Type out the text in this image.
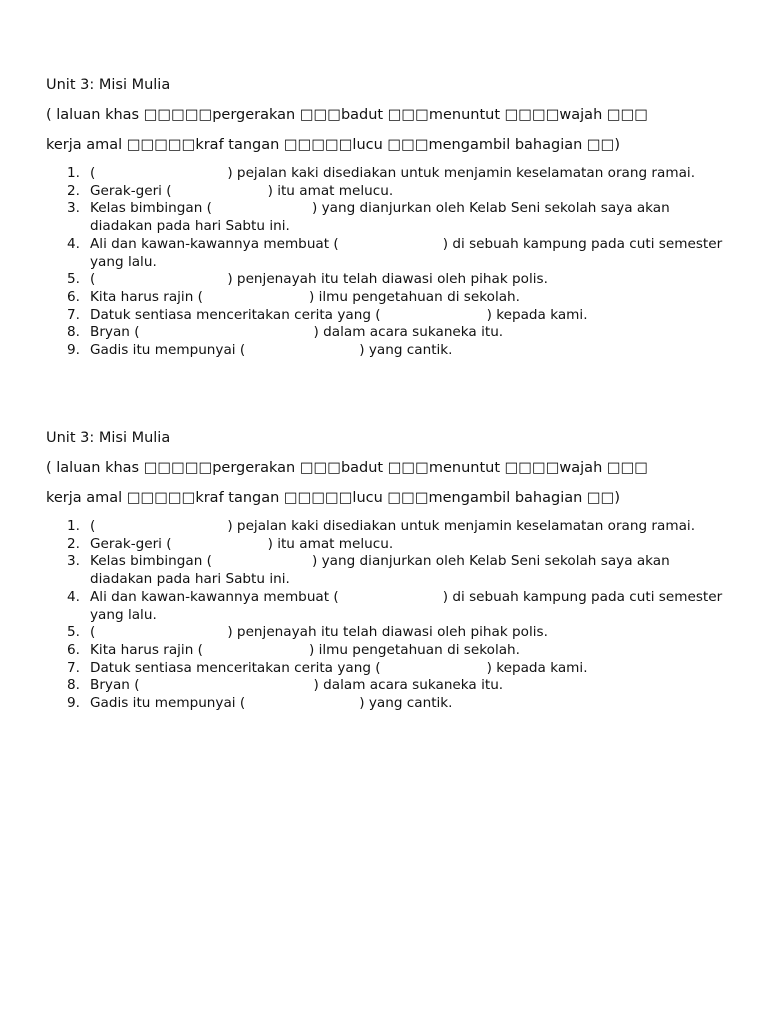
Unit 3: Misi Mulia

( laluan khas □□□□□pergerakan □□□badut □□□menuntut □□□□wajah □□□

kerja amal □□□□□kraf tangan □□□□□lucu □□□mengambil bahagian □□)

1. (	) pejalan kaki disediakan untuk menjamin keselamatan orang ramai.
2. Gerak-geri (	) itu amat melucu.
3. Kelas bimbingan (	) yang dianjurkan oleh Kelab Seni sekolah saya akan diadakan pada hari Sabtu ini.
4. Ali dan kawan-kawannya membuat (	) di sebuah kampung pada cuti semester yang lalu.
5. (	) penjenayah itu telah diawasi oleh pihak polis.
6. Kita harus rajin (	) ilmu pengetahuan di sekolah.
7. Datuk sentiasa menceritakan cerita yang (	) kepada kami.
8. Bryan (	) dalam acara sukaneka itu.
9. Gadis itu mempunyai (	) yang cantik.

Unit 3: Misi Mulia

( laluan khas □□□□□pergerakan □□□badut □□□menuntut □□□□wajah □□□

kerja amal □□□□□kraf tangan □□□□□lucu □□□mengambil bahagian □□)

1. (	) pejalan kaki disediakan untuk menjamin keselamatan orang ramai.
2. Gerak-geri (	) itu amat melucu.
3. Kelas bimbingan (	) yang dianjurkan oleh Kelab Seni sekolah saya akan diadakan pada hari Sabtu ini.
4. Ali dan kawan-kawannya membuat (	) di sebuah kampung pada cuti semester yang lalu.
5. (	) penjenayah itu telah diawasi oleh pihak polis.
6. Kita harus rajin (	) ilmu pengetahuan di sekolah.
7. Datuk sentiasa menceritakan cerita yang (	) kepada kami.
8. Bryan (	) dalam acara sukaneka itu.
9. Gadis itu mempunyai (	) yang cantik.
